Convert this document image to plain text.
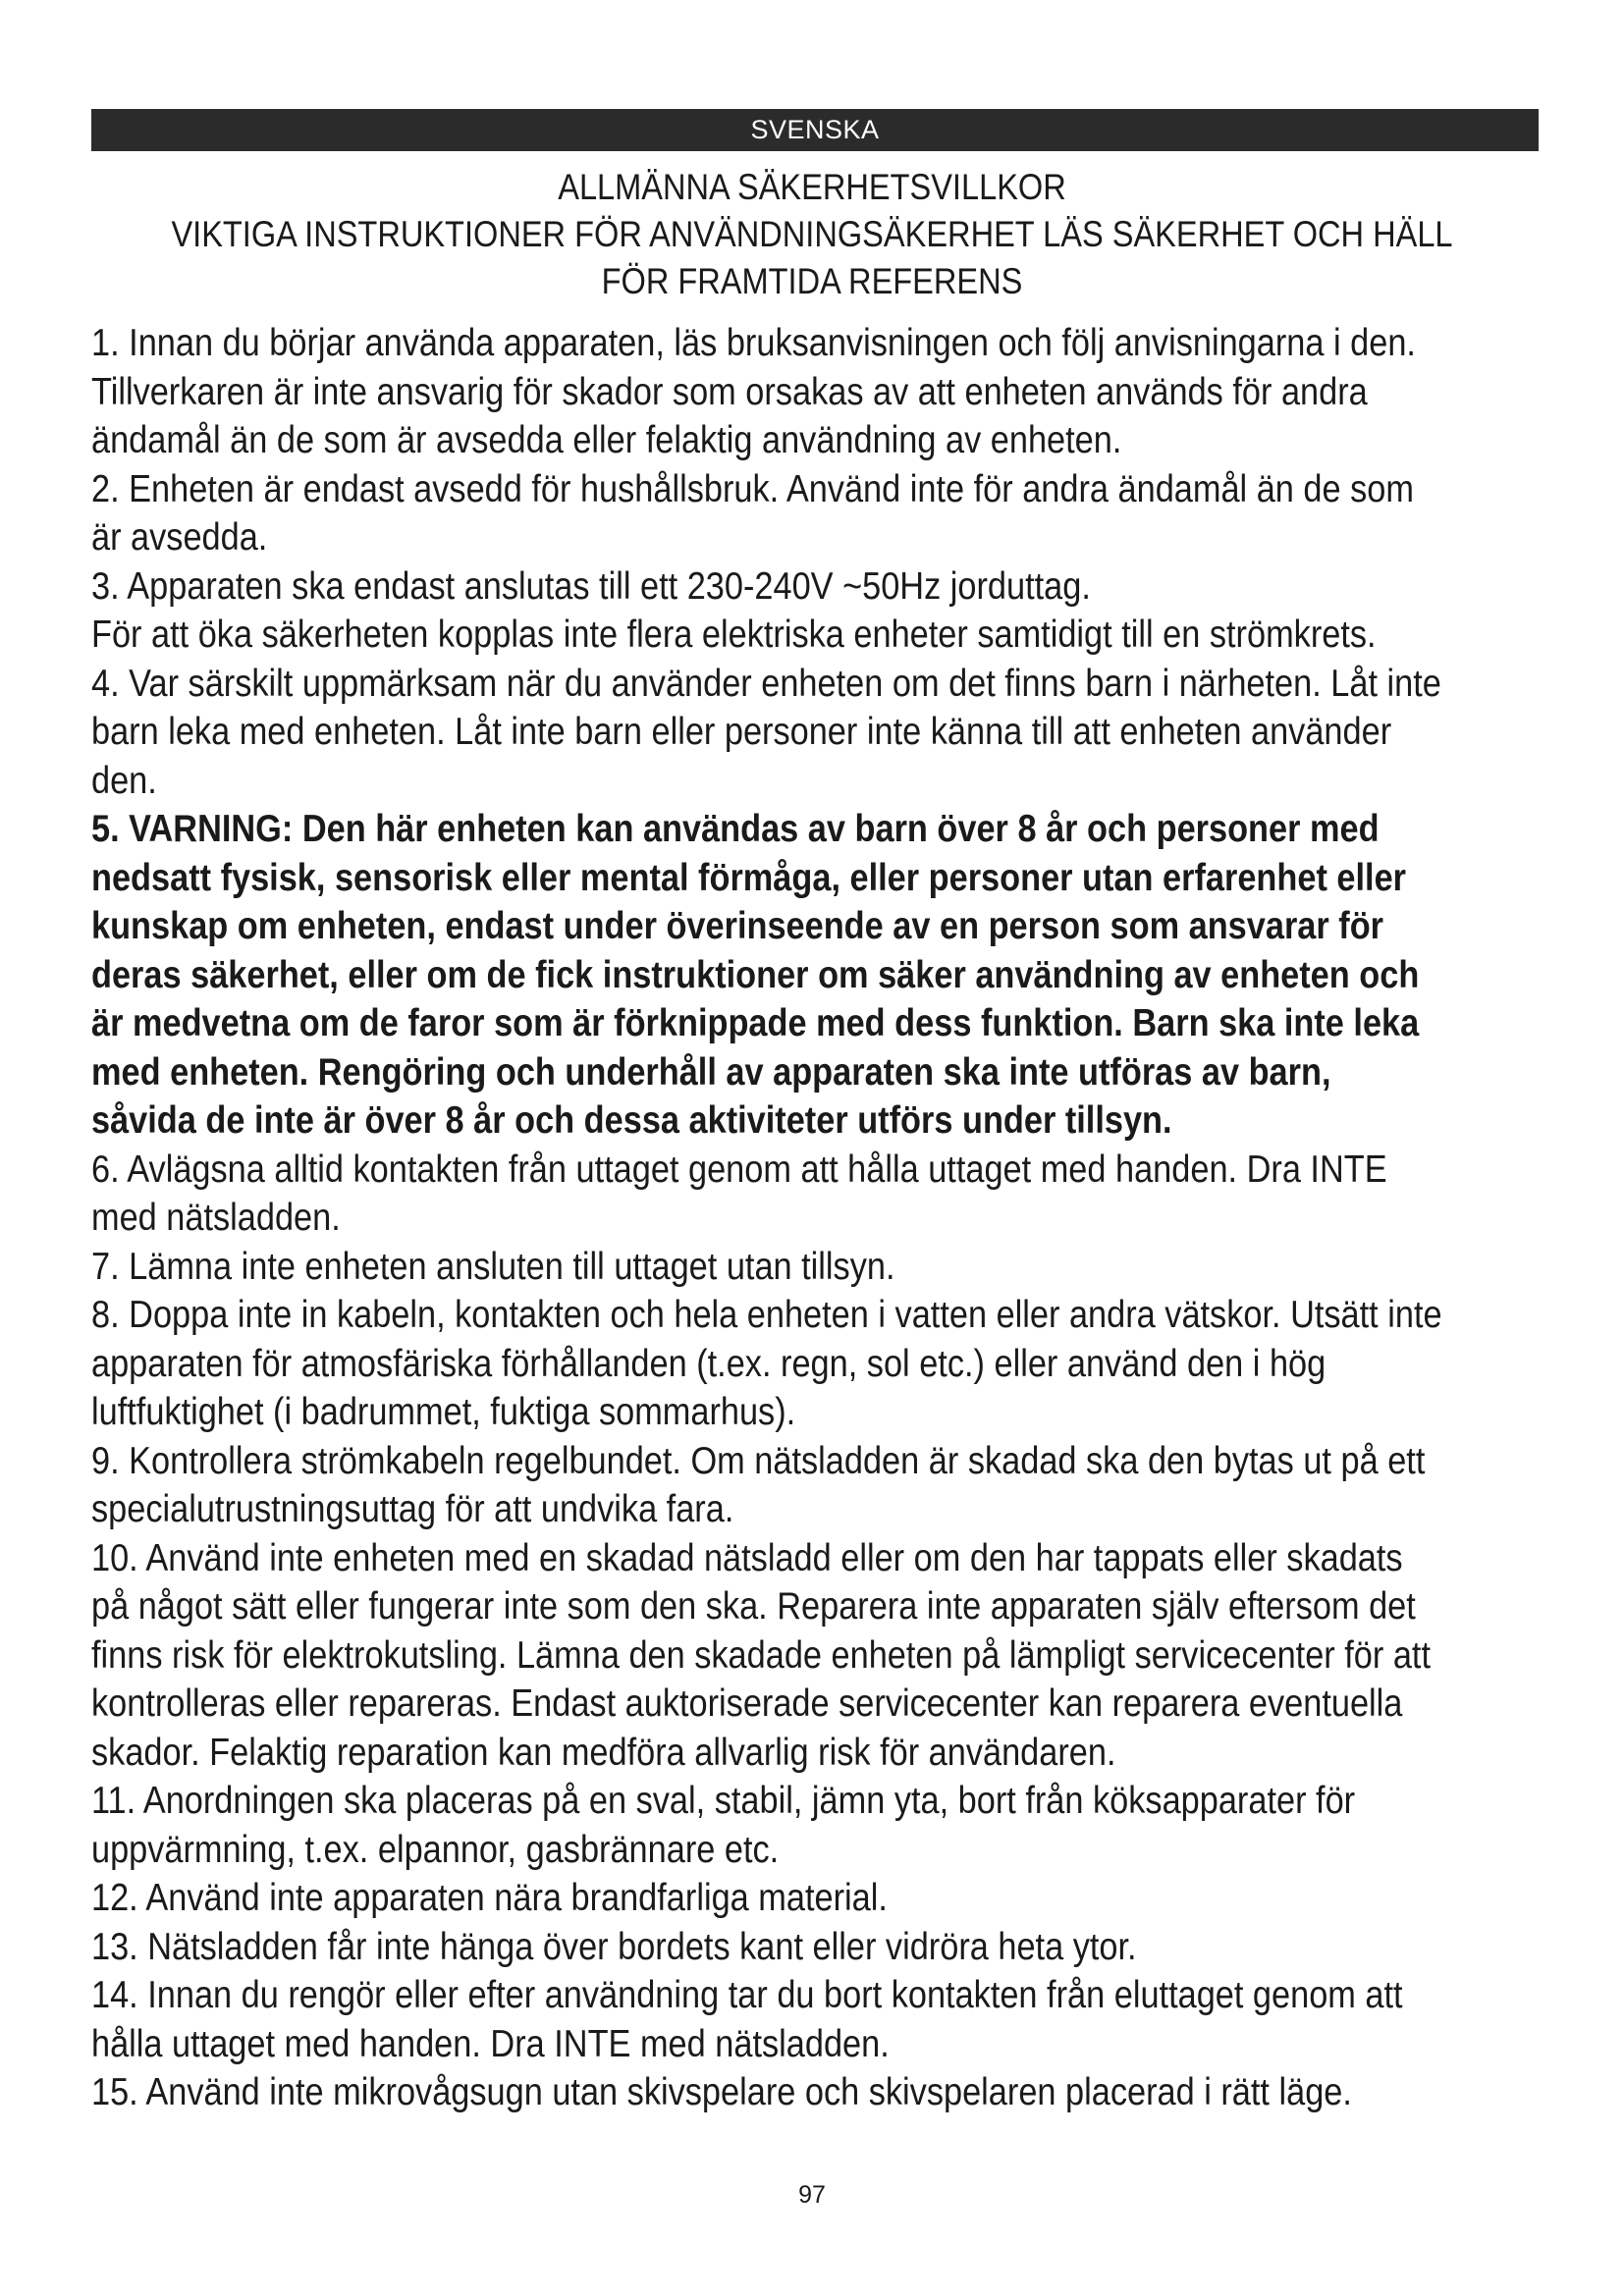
SVENSKA
ALLMÄNNA SÄKERHETSVILLKOR
VIKTIGA INSTRUKTIONER FÖR ANVÄNDNINGSÄKERHET LÄS SÄKERHET OCH HÄLL
FÖR FRAMTIDA REFERENS

1. Innan du börjar använda apparaten, läs bruksanvisningen och följ anvisningarna i den.

Tillverkaren är inte ansvarig för skador som orsakas av att enheten används för andra

ändamål än de som är avsedda eller felaktig användning av enheten.

2. Enheten är endast avsedd för hushållsbruk. Använd inte för andra ändamål än de som

är avsedda.

3. Apparaten ska endast anslutas till ett 230-240V ~50Hz jorduttag.

För att öka säkerheten kopplas inte flera elektriska enheter samtidigt till en strömkrets.

4. Var särskilt uppmärksam när du använder enheten om det finns barn i närheten. Låt inte

barn leka med enheten. Låt inte barn eller personer inte känna till att enheten använder

den.

5. VARNING: Den här enheten kan användas av barn över 8 år och personer med

nedsatt fysisk, sensorisk eller mental förmåga, eller personer utan erfarenhet eller

kunskap om enheten, endast under överinseende av en person som ansvarar för

deras säkerhet, eller om de fick instruktioner om säker användning av enheten och

är medvetna om de faror som är förknippade med dess funktion. Barn ska inte leka

med enheten. Rengöring och underhåll av apparaten ska inte utföras av barn,

såvida de inte är över 8 år och dessa aktiviteter utförs under tillsyn.

6. Avlägsna alltid kontakten från uttaget genom att hålla uttaget med handen. Dra INTE

med nätsladden.

7. Lämna inte enheten ansluten till uttaget utan tillsyn.

8. Doppa inte in kabeln, kontakten och hela enheten i vatten eller andra vätskor. Utsätt inte

apparaten för atmosfäriska förhållanden (t.ex. regn, sol etc.) eller använd den i hög

luftfuktighet (i badrummet, fuktiga sommarhus).

9. Kontrollera strömkabeln regelbundet. Om nätsladden är skadad ska den bytas ut på ett

specialutrustningsuttag för att undvika fara.

10. Använd inte enheten med en skadad nätsladd eller om den har tappats eller skadats

på något sätt eller fungerar inte som den ska. Reparera inte apparaten själv eftersom det

finns risk för elektrokutsling. Lämna den skadade enheten på lämpligt servicecenter för att

kontrolleras eller repareras. Endast auktoriserade servicecenter kan reparera eventuella

skador. Felaktig reparation kan medföra allvarlig risk för användaren.

11. Anordningen ska placeras på en sval, stabil, jämn yta, bort från köksapparater för

uppvärmning, t.ex. elpannor, gasbrännare etc.

12. Använd inte apparaten nära brandfarliga material.

13. Nätsladden får inte hänga över bordets kant eller vidröra heta ytor.

14. Innan du rengör eller efter användning tar du bort kontakten från eluttaget genom att

hålla uttaget med handen. Dra INTE med nätsladden.

15. Använd inte mikrovågsugn utan skivspelare och skivspelaren placerad i rätt läge.

97
